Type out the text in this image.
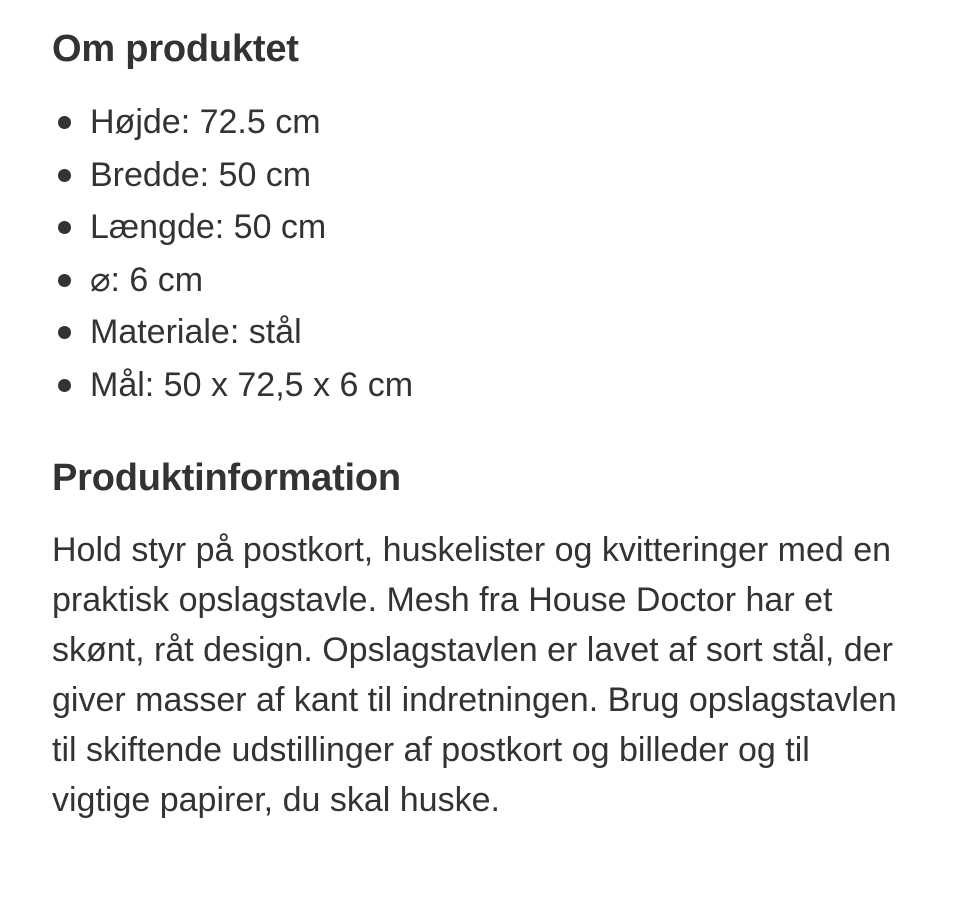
Om produktet
Højde: 72.5 cm
Bredde: 50 cm
Længde: 50 cm
⌀: 6 cm
Materiale: stål
Mål: 50 x 72,5 x 6 cm
Produktinformation

Hold styr på postkort, huskelister og kvitteringer med en praktisk opslagstavle. Mesh fra House Doctor har et skønt, råt design. Opslagstavlen er lavet af sort stål, der giver masser af kant til indretningen. Brug opslagstavlen til skiftende udstillinger af postkort og billeder og til vigtige papirer, du skal huske.
